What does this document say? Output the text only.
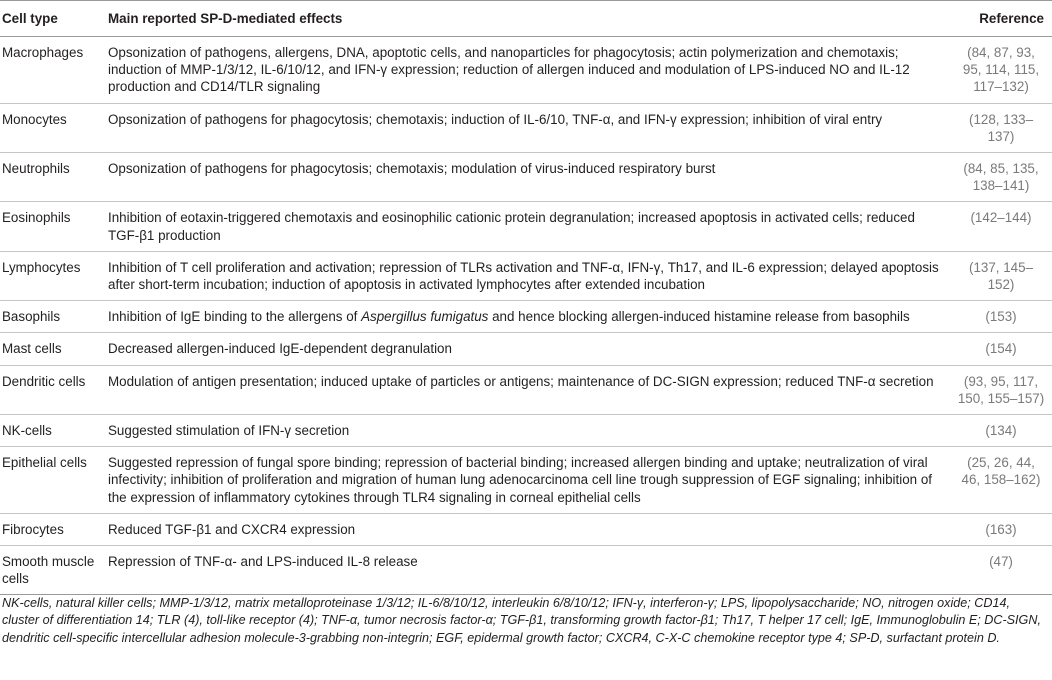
Cell type	Main reported SP-D-mediated effects	Reference
Macrophages	Opsonization of pathogens, allergens, DNA, apoptotic cells, and nanoparticles for phagocytosis; actin polymerization and chemotaxis; induction of MMP-1/3/12, IL-6/10/12, and IFN-γ expression; reduction of allergen induced and modulation of LPS-induced NO and IL-12 production and CD14/TLR signaling	(84, 87, 93, 95, 114, 115, 117–132)
Monocytes	Opsonization of pathogens for phagocytosis; chemotaxis; induction of IL-6/10, TNF-α, and IFN-γ expression; inhibition of viral entry	(128, 133–137)
Neutrophils	Opsonization of pathogens for phagocytosis; chemotaxis; modulation of virus-induced respiratory burst	(84, 85, 135, 138–141)
Eosinophils	Inhibition of eotaxin-triggered chemotaxis and eosinophilic cationic protein degranulation; increased apoptosis in activated cells; reduced TGF-β1 production	(142–144)
Lymphocytes	Inhibition of T cell proliferation and activation; repression of TLRs activation and TNF-α, IFN-γ, Th17, and IL-6 expression; delayed apoptosis after short-term incubation; induction of apoptosis in activated lymphocytes after extended incubation	(137, 145–152)
Basophils	Inhibition of IgE binding to the allergens of Aspergillus fumigatus and hence blocking allergen-induced histamine release from basophils	(153)
Mast cells	Decreased allergen-induced IgE-dependent degranulation	(154)
Dendritic cells	Modulation of antigen presentation; induced uptake of particles or antigens; maintenance of DC-SIGN expression; reduced TNF-α secretion	(93, 95, 117, 150, 155–157)
NK-cells	Suggested stimulation of IFN-γ secretion	(134)
Epithelial cells	Suggested repression of fungal spore binding; repression of bacterial binding; increased allergen binding and uptake; neutralization of viral infectivity; inhibition of proliferation and migration of human lung adenocarcinoma cell line trough suppression of EGF signaling; inhibition of the expression of inflammatory cytokines through TLR4 signaling in corneal epithelial cells	(25, 26, 44, 46, 158–162)
Fibrocytes	Reduced TGF-β1 and CXCR4 expression	(163)
Smooth muscle cells	Repression of TNF-α- and LPS-induced IL-8 release	(47)
NK-cells, natural killer cells; MMP-1/3/12, matrix metalloproteinase 1/3/12; IL-6/8/10/12, interleukin 6/8/10/12; IFN-γ, interferon-γ; LPS, lipopolysaccharide; NO, nitrogen oxide; CD14, cluster of differentiation 14; TLR (4), toll-like receptor (4); TNF-α, tumor necrosis factor-α; TGF-β1, transforming growth factor-β1; Th17, T helper 17 cell; IgE, Immunoglobulin E; DC-SIGN, dendritic cell-specific intercellular adhesion molecule-3-grabbing non-integrin; EGF, epidermal growth factor; CXCR4, C-X-C chemokine receptor type 4; SP-D, surfactant protein D.
